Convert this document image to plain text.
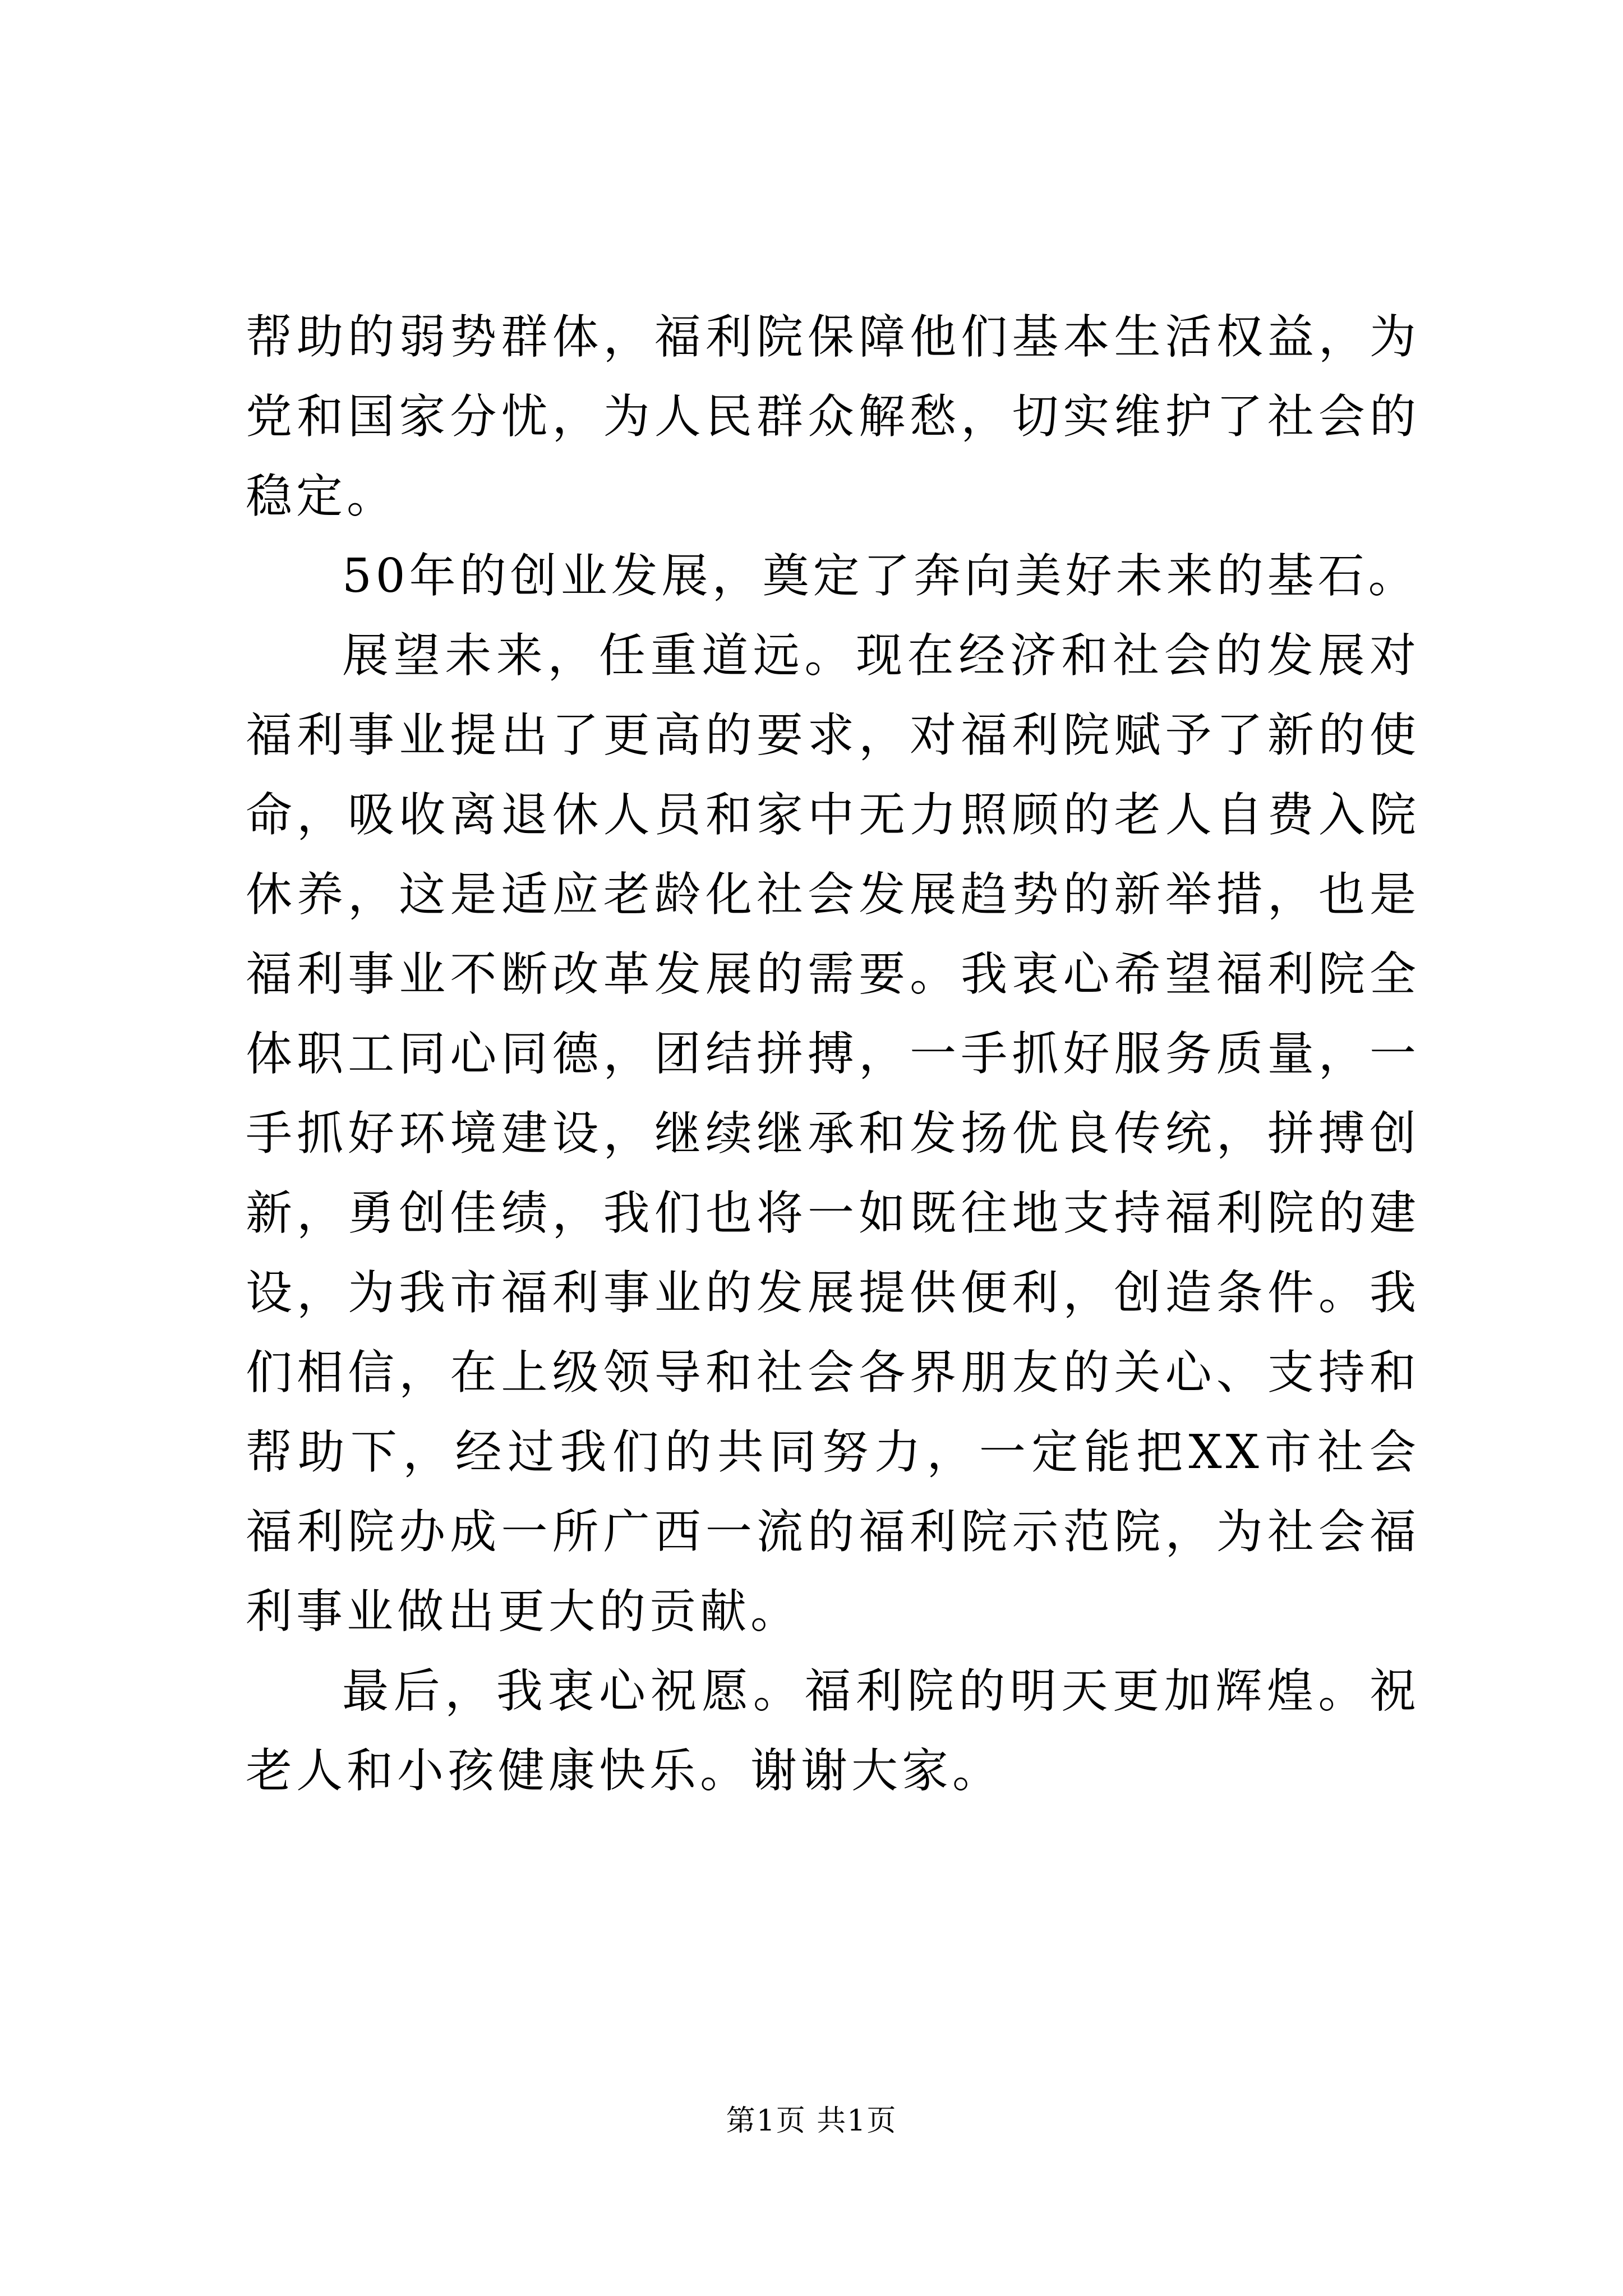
帮助的弱势群体，福利院保障他们基本生活权益，为党和国家分忧，为人民群众解愁，切实维护了社会的稳定。

50年的创业发展，奠定了奔向美好未来的基石。

展望未来，任重道远。现在经济和社会的发展对福利事业提出了更高的要求，对福利院赋予了新的使命，吸收离退休人员和家中无力照顾的老人自费入院休养，这是适应老龄化社会发展趋势的新举措，也是福利事业不断改革发展的需要。我衷心希望福利院全体职工同心同德，团结拼搏，一手抓好服务质量，一手抓好环境建设，继续继承和发扬优良传统，拼搏创新，勇创佳绩，我们也将一如既往地支持福利院的建设，为我市福利事业的发展提供便利，创造条件。我们相信，在上级领导和社会各界朋友的关心、支持和帮助下，经过我们的共同努力，一定能把XX市社会福利院办成一所广西一流的福利院示范院，为社会福利事业做出更大的贡献。

最后，我衷心祝愿。福利院的明天更加辉煌。祝老人和小孩健康快乐。谢谢大家。

第1页 共1页
